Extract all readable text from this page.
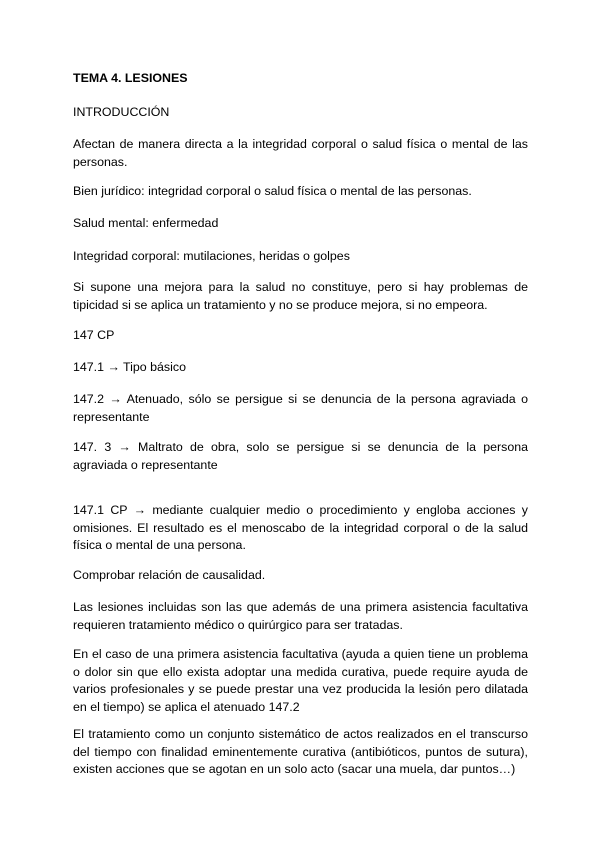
TEMA 4. LESIONES

INTRODUCCIÓN

Afectan de manera directa a la integridad corporal o salud física o mental de las personas.

Bien jurídico: integridad corporal o salud física o mental de las personas.

Salud mental: enfermedad

Integridad corporal: mutilaciones, heridas o golpes

Si supone una mejora para la salud no constituye, pero si hay problemas de tipicidad si se aplica un tratamiento y no se produce mejora, si no empeora.

147 CP

147.1 → Tipo básico

147.2 → Atenuado, sólo se persigue si se denuncia de la persona agraviada o representante

147. 3 → Maltrato de obra, solo se persigue si se denuncia de la persona agraviada o representante

147.1 CP → mediante cualquier medio o procedimiento y engloba acciones y omisiones. El resultado es el menoscabo de la integridad corporal o de la salud física o mental de una persona.

Comprobar relación de causalidad.

Las lesiones incluidas son las que además de una primera asistencia facultativa requieren tratamiento médico o quirúrgico para ser tratadas.

En el caso de una primera asistencia facultativa (ayuda a quien tiene un problema o dolor sin que ello exista adoptar una medida curativa, puede require ayuda de varios profesionales y se puede prestar una vez producida la lesión pero dilatada en el tiempo) se aplica el atenuado 147.2

El tratamiento como un conjunto sistemático de actos realizados en el transcurso del tiempo con finalidad eminentemente curativa (antibióticos, puntos de sutura), existen acciones que se agotan en un solo acto (sacar una muela, dar puntos…)
